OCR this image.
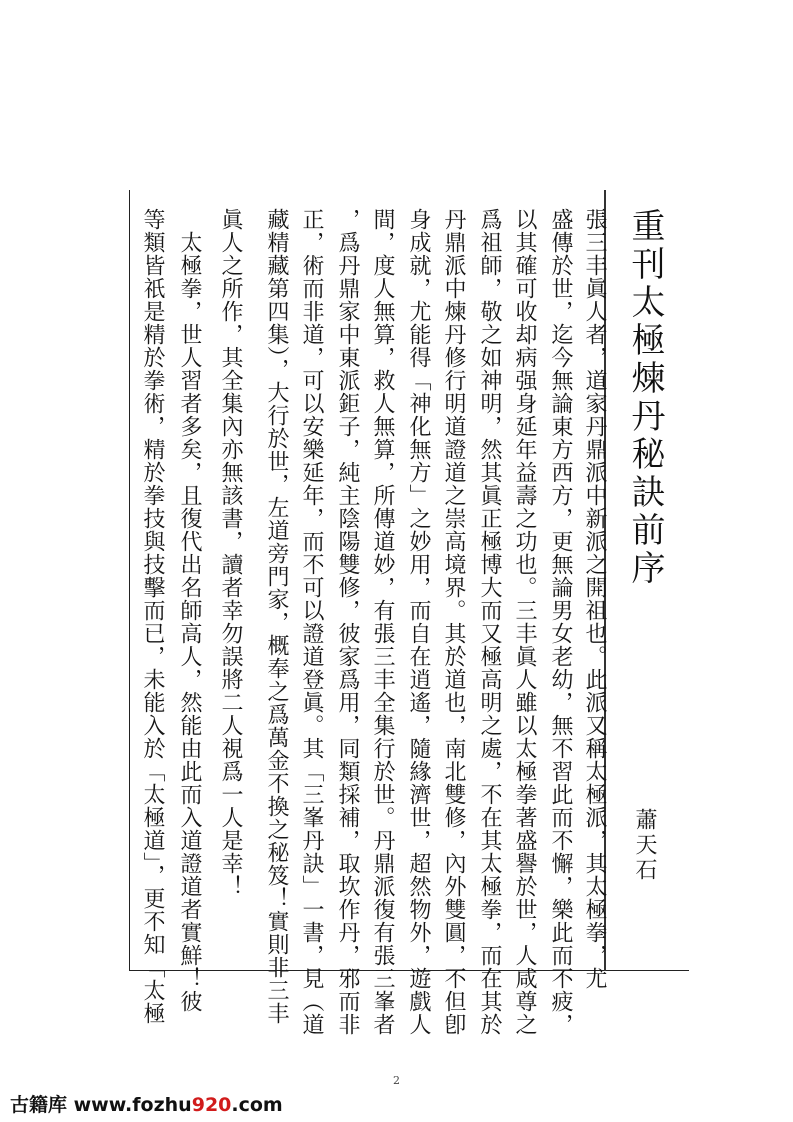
重刊太極煉丹秘訣前序
蕭天石
張三丰眞人者，道家丹鼎派中新派之開祖也。此派又稱太極派，其太極拳，尤
盛傳於世，迄今無論東方西方，更無論男女老幼，無不習此而不懈，樂此而不疲，
以其確可收却病强身延年益壽之功也。三丰眞人雖以太極拳著盛譽於世，人咸尊之
爲祖師，敬之如神明，然其眞正極博大而又極高明之處，不在其太極拳，而在其於
丹鼎派中煉丹修行明道證道之崇高境界。其於道也，南北雙修，內外雙圓，不但卽
身成就，尤能得「神化無方」之妙用，而自在逍遙，隨緣濟世，超然物外，遊戲人
間，度人無算，救人無算，所傳道妙，有張三丰全集行於世。丹鼎派復有張三峯者
，爲丹鼎家中東派鉅子，純主陰陽雙修，彼家爲用，同類採補，取坎作丹，邪而非
正，術而非道，可以安樂延年，而不可以證道登眞。其「三峯丹訣」一書，見（道
藏精藏第四集），大行於世，左道旁門家，概奉之爲萬金不換之秘笈！實則非三丰
眞人之所作，其全集內亦無該書，讀者幸勿誤將二人視爲一人是幸！
　太極拳，世人習者多矣，且復代出名師高人，然能由此而入道證道者實鮮！彼
等類皆祇是精於拳術，精於拳技與技擊而已，未能入於「太極道」，更不知「太極
2
古籍库 www.fozhu920.com
